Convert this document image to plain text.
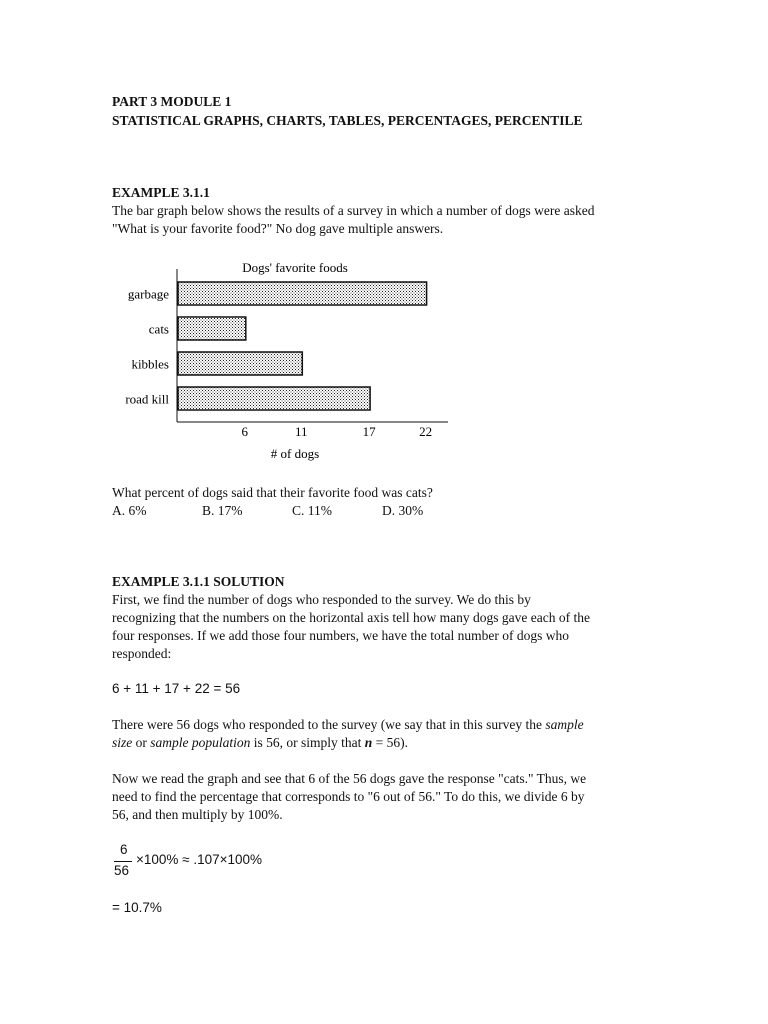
PART 3 MODULE 1

STATISTICAL GRAPHS, CHARTS, TABLES, PERCENTAGES, PERCENTILE

EXAMPLE 3.1.1

The bar graph below shows the results of a survey in which a number of dogs were asked

"What is your favorite food?" No dog gave multiple answers.

Dogs' favorite foods
garbage
cats
kibbles
road kill
6	11	17	22
# of dogs

What percent of dogs said that their favorite food was cats?

A. 6%	B. 17%	C. 11%	D. 30%

EXAMPLE 3.1.1 SOLUTION

First, we find the number of dogs who responded to the survey. We do this by

recognizing that the numbers on the horizontal axis tell how many dogs gave each of the

four responses. If we add those four numbers, we have the total number of dogs who

responded:

6 + 11 + 17 + 22 = 56

There were 56 dogs who responded to the survey (we say that in this survey the sample

size or sample population is 56, or simply that n = 56).

Now we read the graph and see that 6 of the 56 dogs gave the response "cats." Thus, we

need to find the percentage that corresponds to "6 out of 56." To do this, we divide 6 by

56, and then multiply by 100%.

6
56
×100% ≈ .107×100%

= 10.7%
